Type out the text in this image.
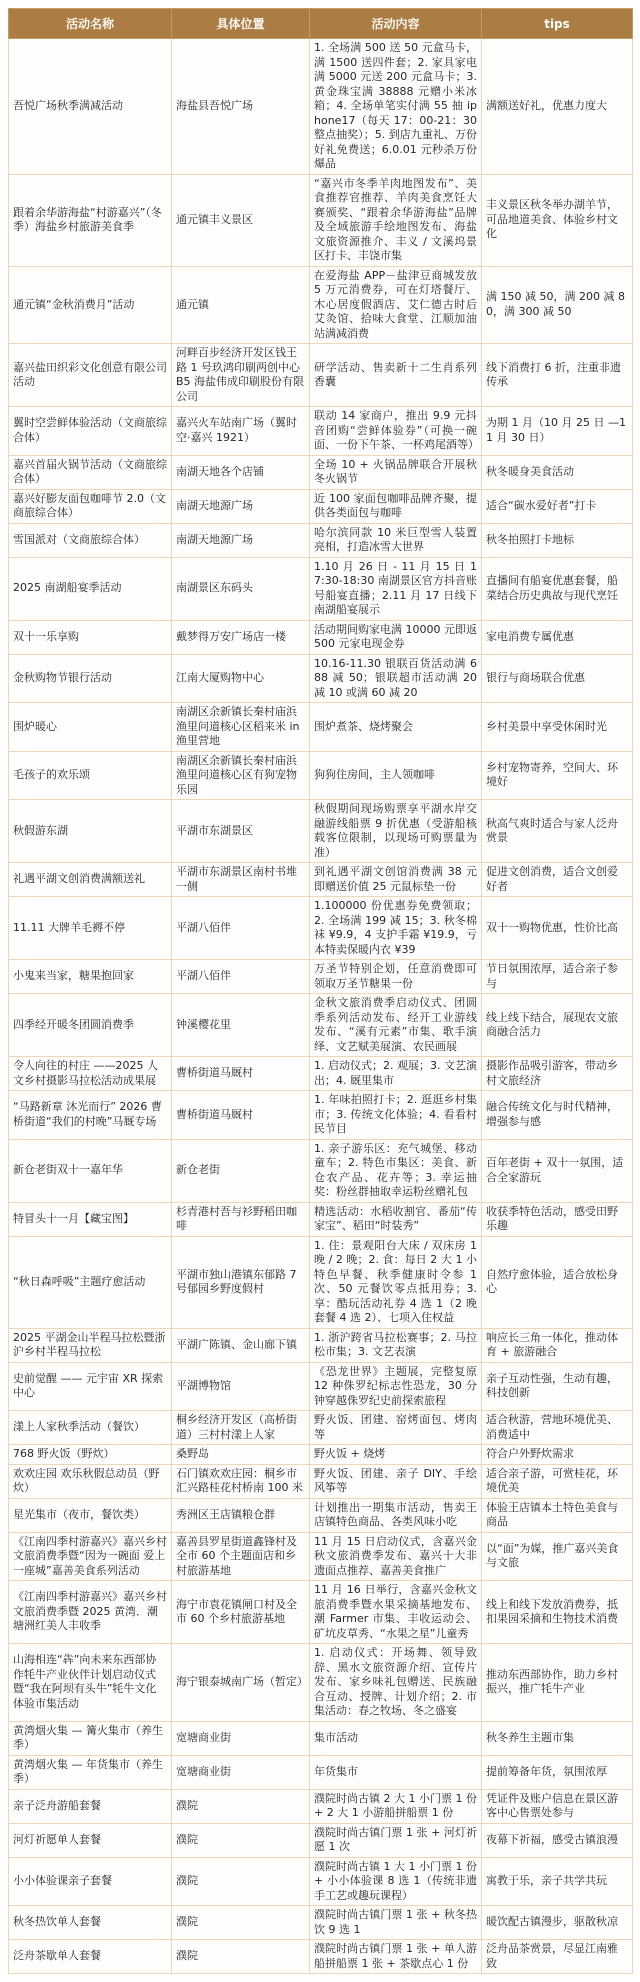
活动名称	具体位置	活动内容	tips
吾悦广场秋季满减活动	海盐县吾悦广场	1. 全场满 500 送 50 元盒马卡，满 1500 送四件套；2. 家具家电满 5000 元送 200 元盒马卡；3. 黄金珠宝满 38888 元赠小米冰箱；4. 全场单笔实付满 55 抽 iphone17（每天 17：00-21：30 整点抽奖）；5. 到店九重礼、万份好礼免费送；6.0.01 元秒杀万份爆品	满额送好礼，优惠力度大
跟着余华游海盐“村游嘉兴”（冬季）海盐乡村旅游美食季	通元镇丰义景区	“嘉兴市冬季羊肉地图发布”、美食推荐官推荐、羊肉美食烹饪大赛颁奖、“跟着余华游海盐”品牌及全域旅游手绘地图发布、海盐文旅资源推介、丰义 / 文溪坞景区打卡、丰饶市集	丰义景区秋冬举办湖羊节，可品地道美食、体验乡村文化
通元镇“金秋消费月”活动	通元镇	在爱海盐 APP－盐津豆商城发放 5 万元消费券，可在灯塔餐厅、木心居度假酒店、艾仁德古时后艾灸馆、拾味大食堂、江顺加油站满减消费	满 150 减 50，满 200 减 80，满 300 减 50
嘉兴盐田织彩文化创意有限公司活动	河畔百步经济开发区钱王路 1 号玖鸿印刷两创中心 B5 海盐伟成印刷股份有限公司	研学活动、售卖新十二生肖系列香囊	线下消费打 6 折，注重非遗传承
翼时空尝鲜体验活动（文商旅综合体）	嘉兴火车站南广场（翼时空·嘉兴 1921）	联动 14 家商户，推出 9.9 元抖音团购“尝鲜体验券”（可换一碗面、一份下午茶、一杯鸡尾酒等）	为期 1 月（10 月 25 日 —11 月 30 日）
嘉兴首届火锅节活动（文商旅综合体）	南湖天地各个店铺	全场 10 + 火锅品牌联合开展秋冬火锅节	秋冬暖身美食活动
嘉兴好膨友面包咖啡节 2.0（文商旅综合体）	南湖天地源广场	近 100 家面包咖啡品牌齐聚，提供各类面包与咖啡	适合“碳水爱好者”打卡
雪国派对（文商旅综合体）	南湖天地源广场	哈尔滨同款 10 米巨型雪人装置亮相，打造冰雪大世界	秋冬拍照打卡地标
2025 南湖船宴季活动	南湖景区东码头	1.10 月 26 日 - 11 月 15 日 17:30-18:30 南湖景区官方抖音账号船宴直播；2.11 月 17 日线下南湖船宴展示	直播间有船宴优惠套餐，船菜结合历史典故与现代烹饪
双十一乐享购	戴梦得万安广场店一楼	活动期间购家电满 10000 元即返 500 元家电现金券	家电消费专属优惠
金秋购物节银行活动	江南大厦购物中心	10.16-11.30 银联百货活动满 688 减 50；银联超市活动满 20 减 10 或满 60 减 20	银行与商场联合优惠
围炉暖心	南湖区余新镇长秦村庙浜渔里问道核心区稻来米 in 渔里营地	围炉煮茶、烧烤聚会	乡村美景中享受休闲时光
毛孩子的欢乐颂	南湖区余新镇长秦村庙浜渔里问道核心区有狗宠物乐园	狗狗住房间，主人领咖啡	乡村宠物寄养，空间大、环境好
秋假游东湖	平湖市东湖景区	秋假期间现场购票享平湖水岸交融游线船票 9 折优惠（受游船核载客位限制，以现场可购票量为准）	秋高气爽时适合与家人泛舟赏景
礼遇平湖文创消费满额送礼	平湖市东湖景区南村书堆一侧	到礼遇平湖文创馆消费满 38 元即赠送价值 25 元鼠标垫一份	促进文创消费，适合文创爱好者
11.11 大牌羊毛褥不停	平湖八佰伴	1.100000 份优惠券免费领取；2. 全场满 199 减 15；3. 秋冬棉袜 ¥9.9，4 支护手霜 ¥19.9，亏本特卖保暖内衣 ¥39	双十一购物优惠，性价比高
小鬼来当家，糖果抱回家	平湖八佰伴	万圣节特别企划，任意消费即可领取万圣节糖果一份	节日氛围浓厚，适合亲子参与
四季经开暖冬团圆消费季	钟溪樱花里	金秋文旅消费季启动仪式、团圆季系列活动发布、经开工业游线发布、“溪有元素”市集、歌手演绎、文艺赋美展演、农民画展	线上线下结合，展现农文旅商融合活力
令人向往的村庄 ——2025 人文乡村摄影马拉松活动成果展	曹桥街道马厩村	1. 启动仪式；2. 观展；3. 文艺演出；4. 厩里集市	摄影作品吸引游客，带动乡村文旅经济
“马路新章 沐光而行” 2026 曹桥街道“我们的村晚”马厩专场	曹桥街道马厩村	1. 年味拍照打卡；2. 逛逛乡村集市；3. 传统文化体验；4. 看看村民节目	融合传统文化与时代精神，增强参与感
新仓老街双十一嘉年华	新仓老街	1. 亲子游乐区：充气城堡、移动童车；2. 特色市集区：美食、新仓农产品、花卉等；3. 幸运抽奖：粉丝群抽取幸运粉丝赠礼包	百年老街 + 双十一氛围，适合全家游玩
特冒头十一月【藏宝图】	杉青港村吾与衫野稻田咖啡	精选活动：水稻收割官、番茄“传家宝”、稻田“时装秀”	收获季特色活动，感受田野乐趣
“秋日森呼吸”主题疗愈活动	平湖市独山港镇东郁路 7 号郁园乡野度假村	1. 住：景观阳台大床 / 双床房 1 晚 / 2 晚；2. 食：每日 2 大 1 小特色早餐、秋季健康时令参 1 次、50 元餐饮零点抵用券；3. 享：酷玩活动礼券 4 选 1（2 晚套餐 4 选 2）、七项入住权益	自然疗愈体验，适合放松身心
2025 平湖金山半程马拉松暨浙沪乡村半程马拉松	平湖广陈镇、金山廊下镇	1. 浙沪跨省马拉松赛事；2. 马拉松市集；3. 文艺表演	响应长三角一体化，推动体育 + 旅游融合
史前觉醒 —— 元宇宙 XR 探索中心	平湖博物馆	《恐龙世界》主题展，完整复原 12 种侏罗纪标志性恐龙，30 分钟穿越侏罗纪史前探索旅程	亲子互动性强，生动有趣，科技创新
漾上人家秋季活动（餐饮）	桐乡经济开发区（高桥街道）三村村漾上人家	野火饭、团建、窑烤面包、烤肉等	适合秋游，营地环境优美、消费适中
768 野火饭（野炊）	桑野岛	野火饭 + 烧烤	符合户外野炊需求
欢欢庄园 欢乐秋假总动员（野炊）	石门镇欢欢庄园：桐乡市汇兴路桂花村桥南 100 米	野火饭、团建、亲子 DIY、手绘风筝等	适合亲子游，可赏桂花，环境优美
星光集市（夜市，餐饮类）	秀洲区王店镇粮仓群	计划推出一期集市活动，售卖王店镇特色商品、各类风味小吃	体验王店镇本土特色美食与商品
《江南四季村游嘉兴》嘉兴乡村文旅消费季暨“因为一碗面 爱上一座城”嘉善美食系列活动	嘉善县罗星街道鑫锋村及全市 60 个主题面店和乡村旅游基地	11 月 15 日启动仪式，含嘉兴金秋文旅消费季发布、嘉兴十大非遗面点推荐、嘉善美食推广	以“面”为媒，推广嘉兴美食与文旅
《江南四季村游嘉兴》嘉兴乡村文旅消费季暨 2025 黄湾．潮塘洲红美人丰收季	海宁市袁花镇闸口村及全市 60 个乡村旅游基地	11 月 16 日举行，含嘉兴金秋文旅消费季暨水果采摘基地发布、潮 Farmer 市集、丰收运动会、矿坑皮草秀、“水果之星”儿童秀	线上和线下发放消费券，抵扣果园采摘和生物技术消费
山海相连“犇”向未来东西部协作牦牛产业伙伴计划启动仪式暨“我在阿坝有头牛”牦牛文化体验市集活动	海宁银泰城南广场（暂定）	1. 启动仪式：开场舞、领导致辞、黑水文旅资源介绍、宣传片发布、家乡味礼包赠送、民族融合互动、授牌、计划介绍；2. 市集活动：春之牧场、冬之盛宴	推动东西部协作，助力乡村振兴，推广牦牛产业
黄湾烟火集 — 篝火集市（养生季）	宽塘商业街	集市活动	秋冬养生主题市集
黄湾烟火集 — 年货集市（养生季）	宽塘商业街	年货集市	提前筹备年货，氛围浓厚
亲子泛舟游船套餐	濮院	濮院时尚古镇 2 大 1 小门票 1 份 + 2 大 1 小游船拼船票 1 份	凭证件及账户信息在景区游客中心售票处参与
河灯祈愿单人套餐	濮院	濮院时尚古镇门票 1 张 + 河灯祈愿 1 次	夜幕下祈福，感受古镇浪漫
小小体验课亲子套餐	濮院	濮院时尚古镇 1 大 1 小门票 1 份 + 小小体验课 8 选 1（传统非遗手工艺或趣玩课程）	寓教于乐，亲子共学共玩
秋冬热饮单人套餐	濮院	濮院时尚古镇门票 1 张 + 秋冬热饮 9 选 1	暖饮配古镇漫步，驱散秋凉
泛舟茶歇单人套餐	濮院	濮院时尚古镇门票 1 张 + 单人游船拼船票 1 张 + 茶歇点心 1 份	泛舟品茶赏景，尽显江南雅致
